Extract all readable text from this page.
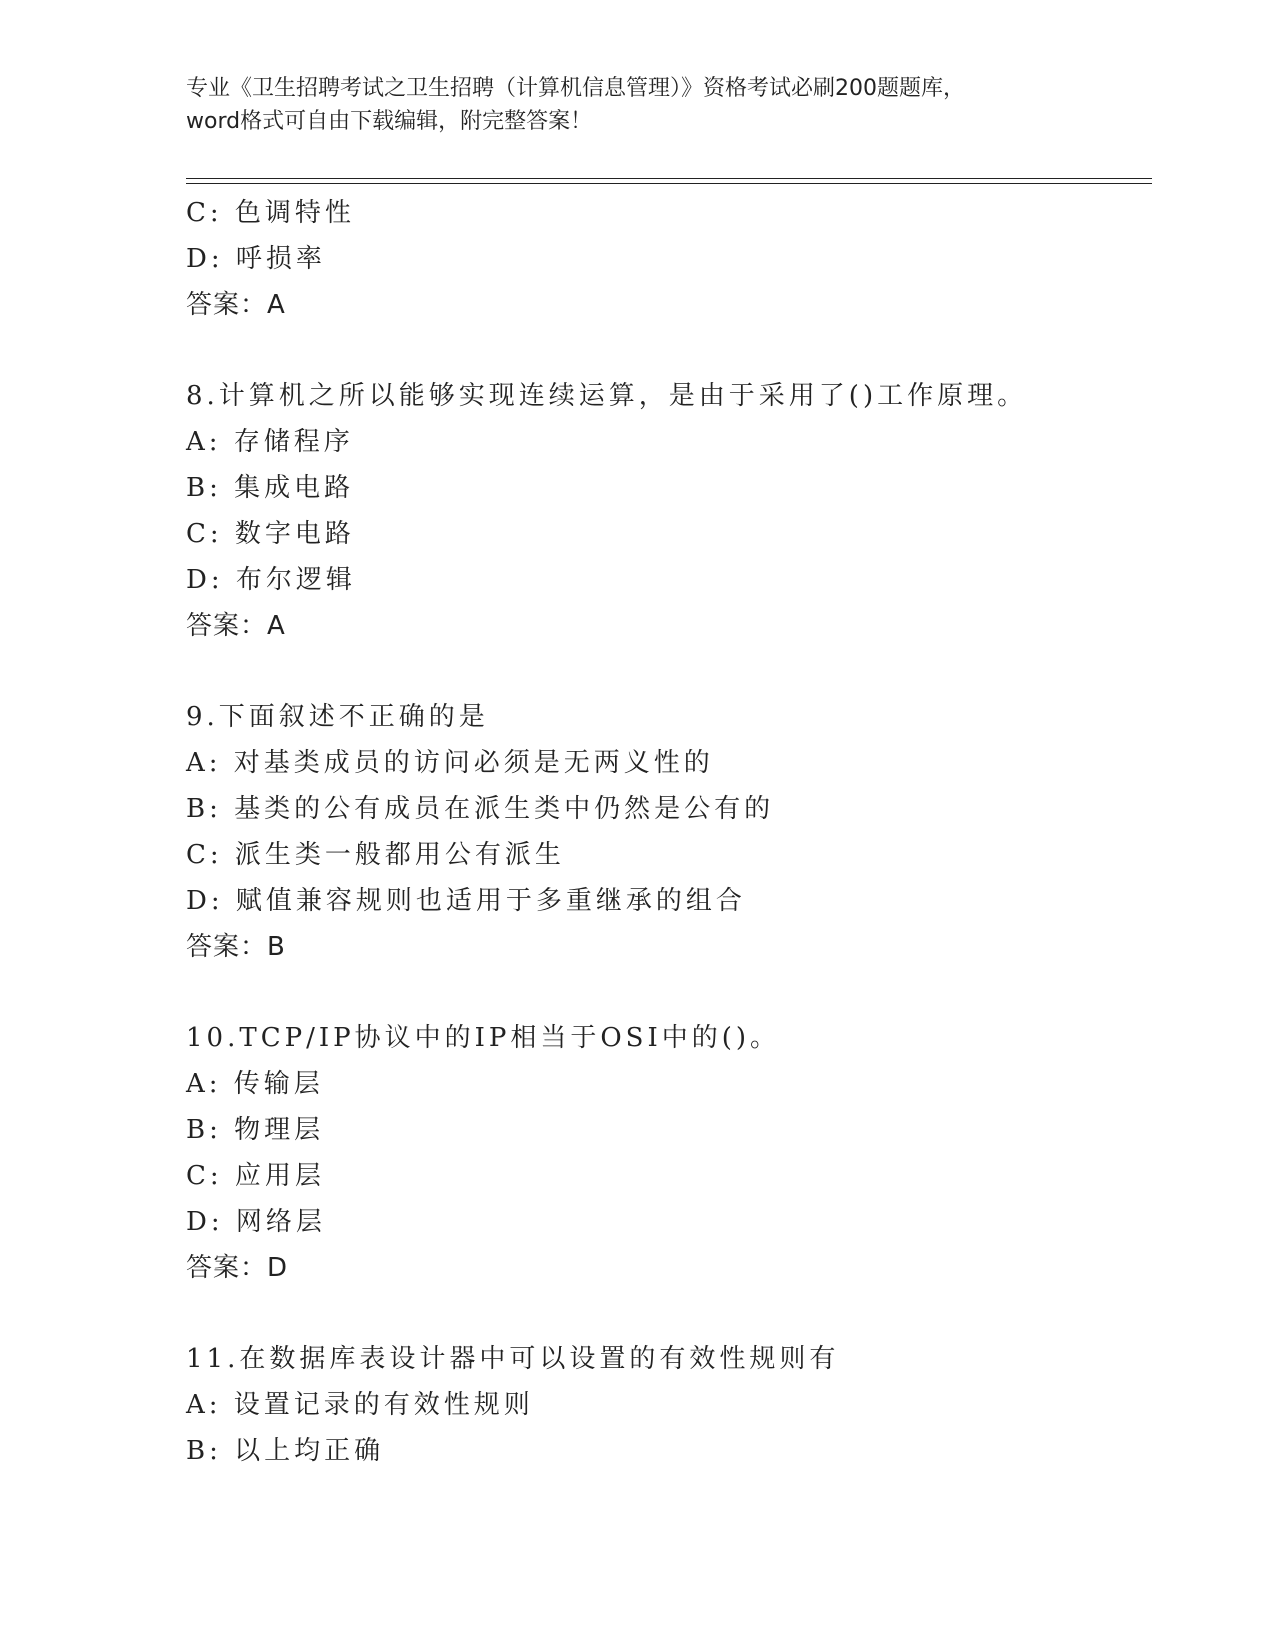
专业《卫生招聘考试之卫生招聘（计算机信息管理）》资格考试必刷200题题库，
word格式可自由下载编辑，附完整答案！
C: 色调特性
D: 呼损率
答案：A
8.计算机之所以能够实现连续运算，是由于采用了()工作原理。
A: 存储程序
B: 集成电路
C: 数字电路
D: 布尔逻辑
答案：A
9.下面叙述不正确的是
A: 对基类成员的访问必须是无两义性的
B: 基类的公有成员在派生类中仍然是公有的
C: 派生类一般都用公有派生
D: 赋值兼容规则也适用于多重继承的组合
答案：B
10.TCP/IP协议中的IP相当于OSI中的()。
A: 传输层
B: 物理层
C: 应用层
D: 网络层
答案：D
11.在数据库表设计器中可以设置的有效性规则有
A: 设置记录的有效性规则
B: 以上均正确
